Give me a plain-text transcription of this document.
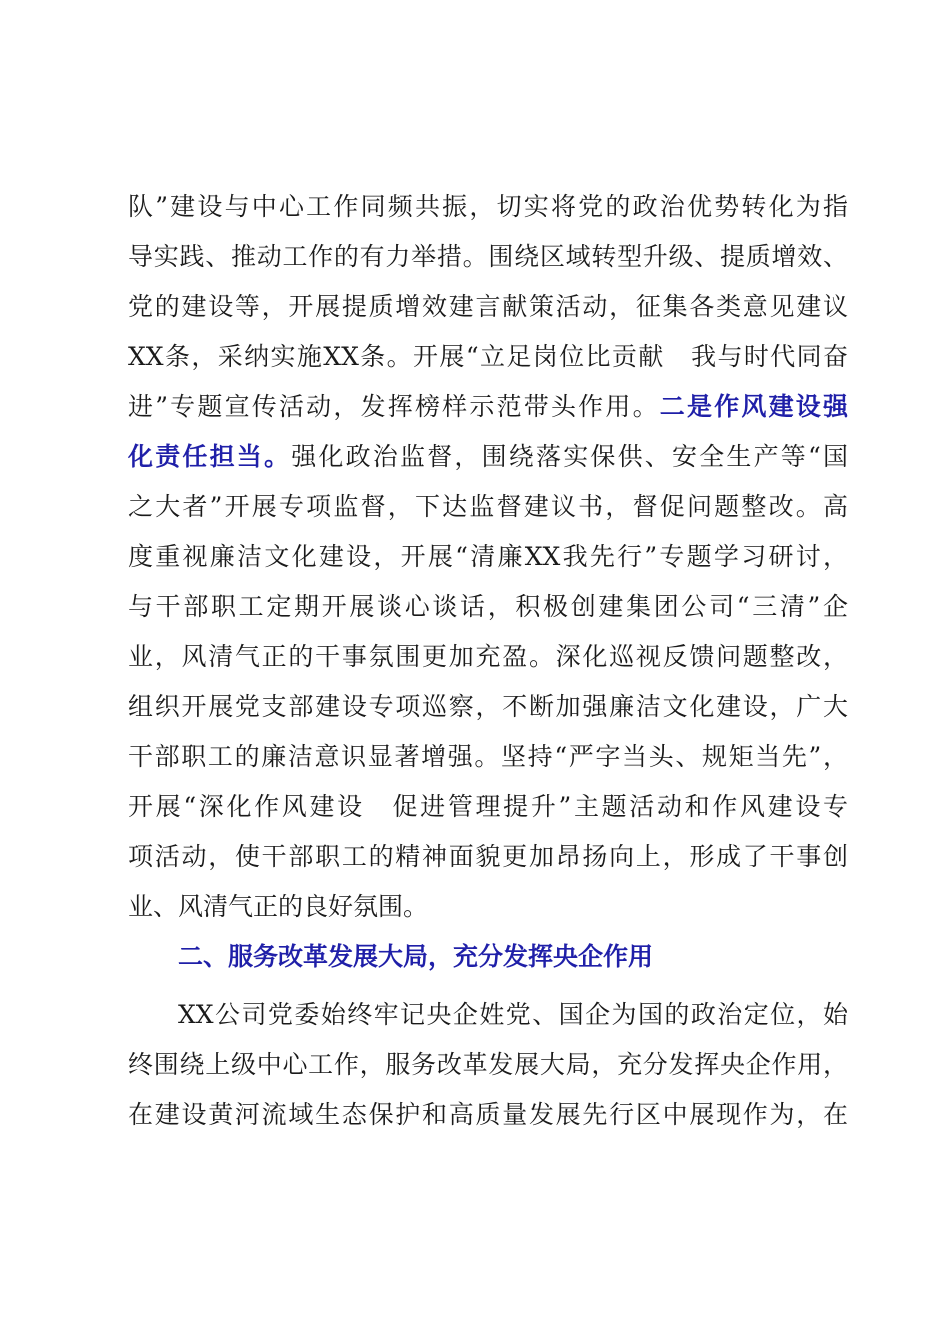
队”建设与中心工作同频共振，切实将党的政治优势转化为指
导实践、推动工作的有力举措。围绕区域转型升级、提质增效、
党的建设等，开展提质增效建言献策活动，征集各类意见建议
XX条，采纳实施XX条。开展“立足岗位比贡献　我与时代同奋
进”专题宣传活动，发挥榜样示范带头作用。二是作风建设强
化责任担当。强化政治监督，围绕落实保供、安全生产等“国
之大者”开展专项监督，下达监督建议书，督促问题整改。高
度重视廉洁文化建设，开展“清廉XX我先行”专题学习研讨，
与干部职工定期开展谈心谈话，积极创建集团公司“三清”企
业，风清气正的干事氛围更加充盈。深化巡视反馈问题整改，
组织开展党支部建设专项巡察，不断加强廉洁文化建设，广大
干部职工的廉洁意识显著增强。坚持“严字当头、规矩当先”，
开展“深化作风建设　促进管理提升”主题活动和作风建设专
项活动，使干部职工的精神面貌更加昂扬向上，形成了干事创
业、风清气正的良好氛围。
二、服务改革发展大局，充分发挥央企作用
XX公司党委始终牢记央企姓党、国企为国的政治定位，始
终围绕上级中心工作，服务改革发展大局，充分发挥央企作用，
在建设黄河流域生态保护和高质量发展先行区中展现作为，在
